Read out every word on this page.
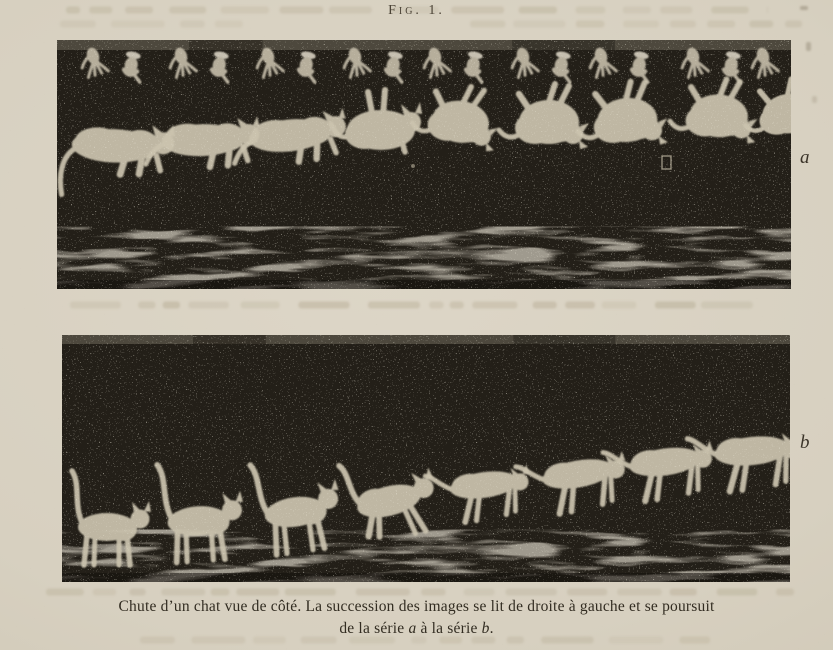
Fig. 1.
a
b
Chute d’un chat vue de côté. La succession des images se lit de droite à gauche et se poursuit
de la série a à la série b.
